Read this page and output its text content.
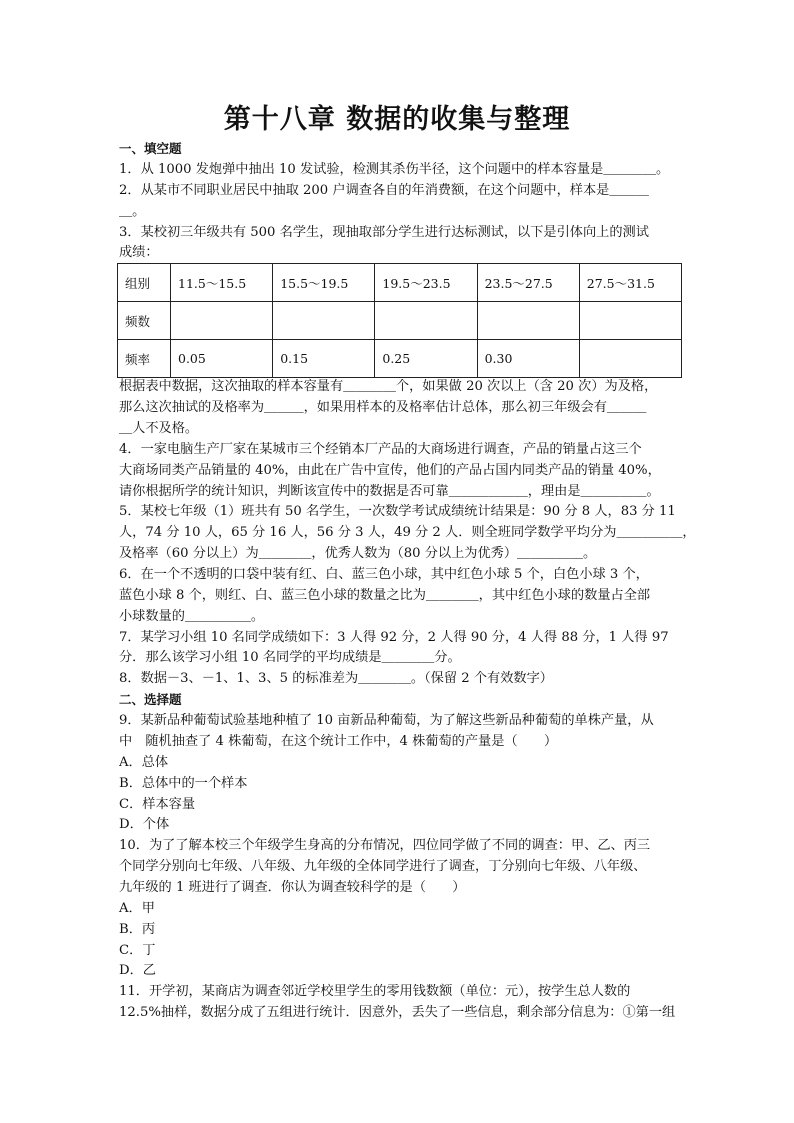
第十八章 数据的收集与整理
一、填空题
1．从 1000 发炮弹中抽出 10 发试验，检测其杀伤半径，这个问题中的样本容量是＿＿＿＿。
2．从某市不同职业居民中抽取 200 户调查各自的年消费额，在这个问题中，样本是＿＿＿
＿。
3．某校初三年级共有 500 名学生，现抽取部分学生进行达标测试，以下是引体向上的测试
成绩：
组别	11.5～15.5	15.5～19.5	19.5～23.5	23.5～27.5	27.5～31.5
频数					
频率	0.05	0.15	0.25	0.30	
根据表中数据，这次抽取的样本容量有＿＿＿＿个，如果做 20 次以上（含 20 次）为及格，
那么这次抽试的及格率为＿＿＿，如果用样本的及格率估计总体，那么初三年级会有＿＿＿
＿人不及格。
4．一家电脑生产厂家在某城市三个经销本厂产品的大商场进行调查，产品的销量占这三个
大商场同类产品销量的 40%，由此在广告中宣传，他们的产品占国内同类产品的销量 40%，
请你根据所学的统计知识，判断该宣传中的数据是否可靠＿＿＿＿＿＿，理由是＿＿＿＿＿。
5．某校七年级（1）班共有 50 名学生，一次数学考试成绩统计结果是：90 分 8 人，83 分 11
人，74 分 10 人，65 分 16 人，56 分 3 人，49 分 2 人．则全班同学数学平均分为＿＿＿＿＿，
及格率（60 分以上）为＿＿＿＿，优秀人数为（80 分以上为优秀）＿＿＿＿＿。
6．在一个不透明的口袋中装有红、白、蓝三色小球，其中红色小球 5 个，白色小球 3 个，
蓝色小球 8 个，则红、白、蓝三色小球的数量之比为＿＿＿＿，其中红色小球的数量占全部
小球数量的＿＿＿＿＿。
7．某学习小组 10 名同学成绩如下：3 人得 92 分，2 人得 90 分，4 人得 88 分，1 人得 97
分．那么该学习小组 10 名同学的平均成绩是＿＿＿＿分。
8．数据－3、－1、1、3、5 的标准差为＿＿＿＿。（保留 2 个有效数字）
二、选择题
9．某新品种葡萄试验基地种植了 10 亩新品种葡萄，为了解这些新品种葡萄的单株产量，从
中　随机抽查了 4 株葡萄，在这个统计工作中，4 株葡萄的产量是（　　）
A．总体
B．总体中的一个样本
C．样本容量
D．个体
10．为了了解本校三个年级学生身高的分布情况，四位同学做了不同的调查：甲、乙、丙三
个同学分别向七年级、八年级、九年级的全体同学进行了调查，丁分别向七年级、八年级、
九年级的 1 班进行了调查．你认为调查较科学的是（　　）
A．甲
B．丙
C．丁
D．乙
11．开学初，某商店为调查邻近学校里学生的零用钱数额（单位：元），按学生总人数的
12.5%抽样，数据分成了五组进行统计．因意外，丢失了一些信息，剩余部分信息为：①第一组
